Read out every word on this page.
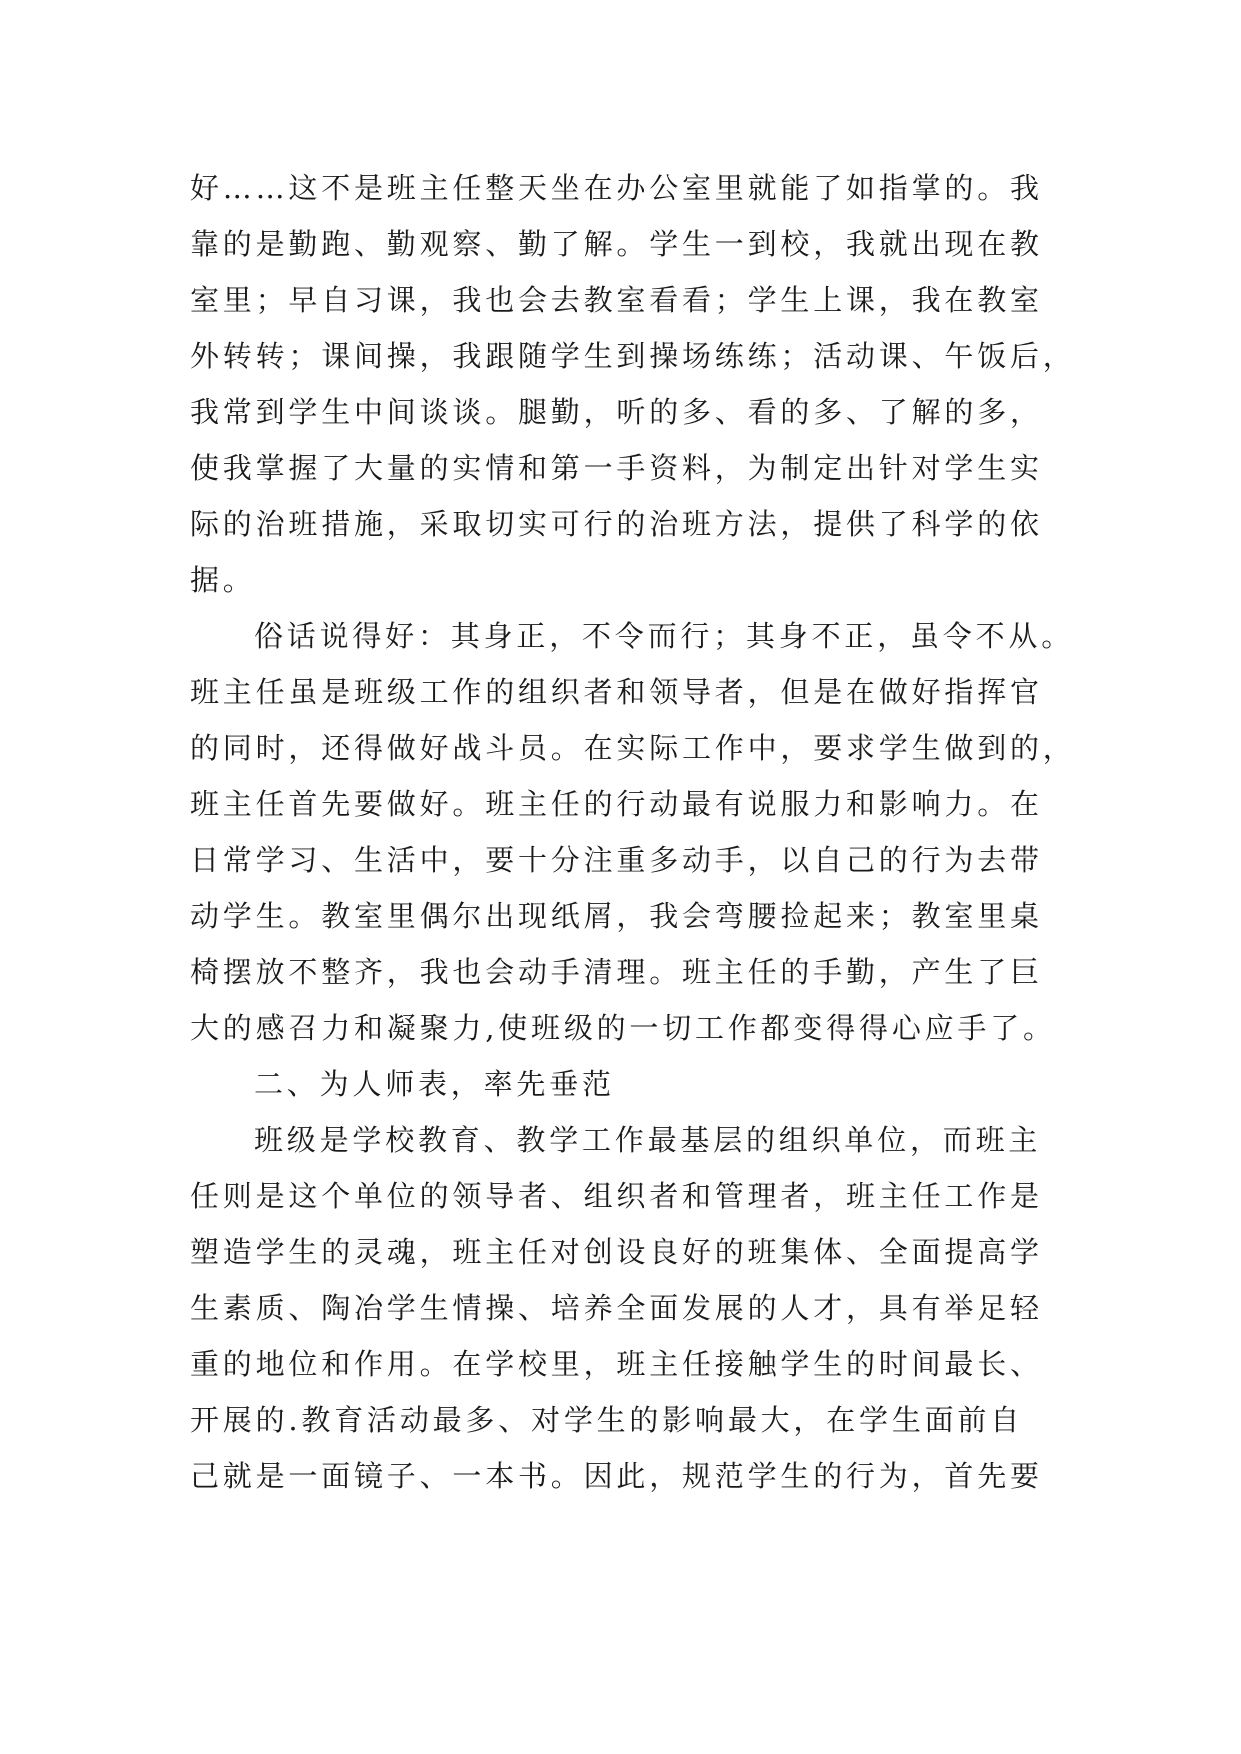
好……这不是班主任整天坐在办公室里就能了如指掌的。我
靠的是勤跑、勤观察、勤了解。学生一到校，我就出现在教
室里；早自习课，我也会去教室看看；学生上课，我在教室
外转转；课间操，我跟随学生到操场练练；活动课、午饭后，
我常到学生中间谈谈。腿勤，听的多、看的多、了解的多，
使我掌握了大量的实情和第一手资料，为制定出针对学生实
际的治班措施，采取切实可行的治班方法，提供了科学的依
据。
俗话说得好：其身正，不令而行；其身不正，虽令不从。
班主任虽是班级工作的组织者和领导者，但是在做好指挥官
的同时，还得做好战斗员。在实际工作中，要求学生做到的，
班主任首先要做好。班主任的行动最有说服力和影响力。在
日常学习、生活中，要十分注重多动手，以自己的行为去带
动学生。教室里偶尔出现纸屑，我会弯腰捡起来；教室里桌
椅摆放不整齐，我也会动手清理。班主任的手勤，产生了巨
大的感召力和凝聚力,使班级的一切工作都变得得心应手了。
二、为人师表，率先垂范
班级是学校教育、教学工作最基层的组织单位，而班主
任则是这个单位的领导者、组织者和管理者，班主任工作是
塑造学生的灵魂，班主任对创设良好的班集体、全面提高学
生素质、陶冶学生情操、培养全面发展的人才，具有举足轻
重的地位和作用。在学校里，班主任接触学生的时间最长、
开展的.教育活动最多、对学生的影响最大，在学生面前自
己就是一面镜子、一本书。因此，规范学生的行为，首先要
